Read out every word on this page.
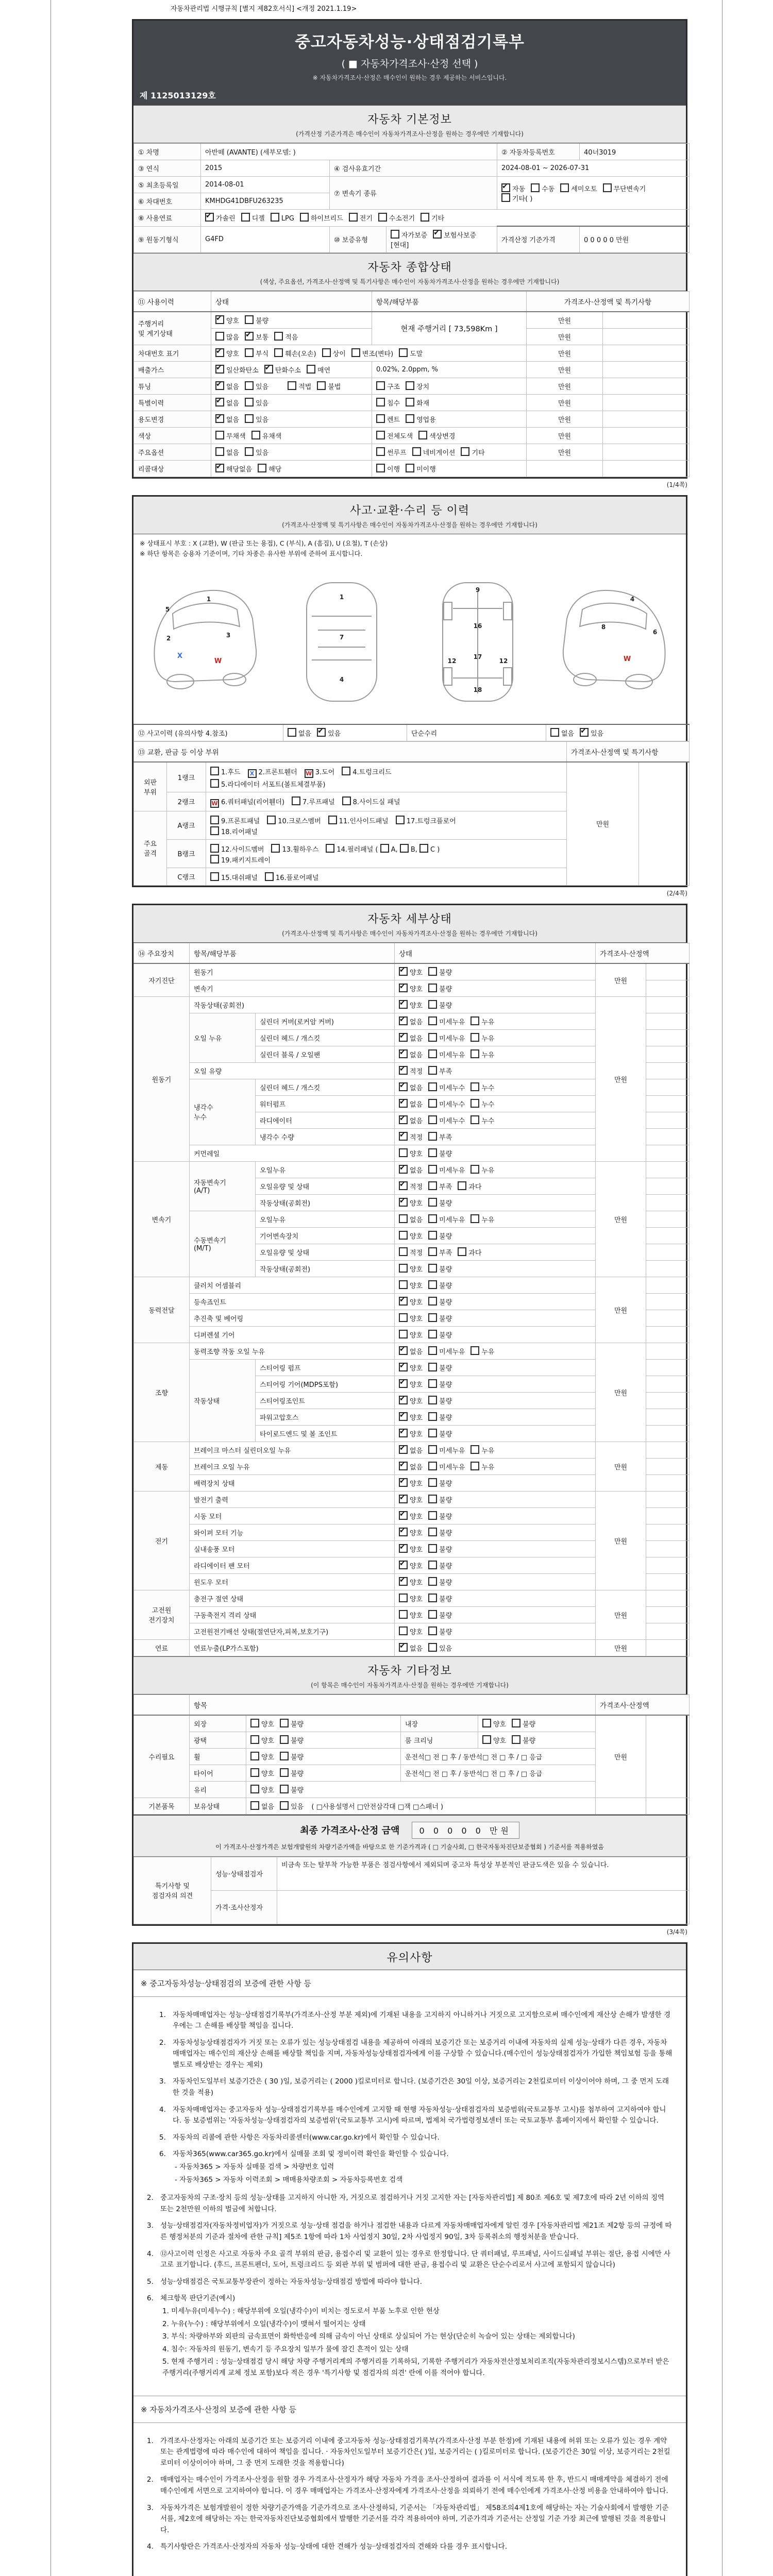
자동차관리법 시행규칙 [별지 제82호서식] <개정 2021.1.19>
중고자동차성능·상태점검기록부
( ■ 자동차가격조사·산정 선택 )
※ 자동차가격조사·산정은 매수인이 원하는 경우 제공하는 서비스입니다.
제 1125013129호
자동차 기본정보
(가격산정 기준가격은 매수인이 자동차가격조사·산정을 원하는 경우에만 기재합니다)
① 차명	아반떼 (AVANTE) (세부모델: )			② 자동차등록번호	40너3019
③ 연식	2015	④ 검사유효기간		2024-08-01 ~ 2026-07-31	
⑤ 최초등록일	2014-08-01	⑦ 변속기 종류	✔자동 수동 세미오토 무단변속기기타( )
⑥ 차대번호	KMHDG41DBFU263235				
⑧ 사용연료	✔가솔린 디젤 LPG 하이브리드 전기 수소전기 기타
⑨ 원동기형식	G4FD	⑩ 보증유형	자가보증 ✔ 보험사보증 [현대]	가격산정 기준가격	0 0 0 0 0 만원
자동차 종합상태
(색상, 주요옵션, 가격조사·산정액 및 특기사항은 매수인이 자동차가격조사·산정을 원하는 경우에만 기재합니다)
⑪ 사용이력	상태	항목/해당부품	가격조사·산정액 및 특기사항	
주행거리
및 계기상태	✔양호 불량	현재 주행거리 [ 73,598Km ]	만원	
	많음 ✔ 보통 적음		만원	
차대번호 표기	✔양호 부식 훼손(오손) 상이 변조(변타) 도말		만원	
배출가스	✔일산화탄소 ✔ 탄화수소 매연	0.02%, 2.0ppm, %	만원	
튜닝	✔없음 있음 적법 불법	구조 장치	만원	
특별이력	✔없음 있음	침수 화재	만원	
용도변경	✔없음 있음	렌트 영업용	만원	
색상	무채색 유채색	전체도색 색상변경	만원	
주요옵션	없음 있음	썬루프 네비게이션 기타	만원	
리콜대상	✔해당없음 해당	이행 미이행		
(1/4쪽)
사고·교환·수리 등 이력
(가격조사·산정액 및 특기사항은 매수인이 자동차가격조사·산정을 원하는 경우에만 기재합니다)
※ 상태표시 부호 : X (교환), W (판금 또는 용접), C (부식), A (흠집), U (요철), T (손상)
※ 하단 항목은 승용차 기준이며, 기타 차종은 유사한 부위에 준하여 표시합니다.
5
1
2
X
3
W
1
7
4
9
16
12
17
12
18
8
4
6
W
⑫ 사고이력 (유의사항 4.참조)	없음 ✔ 있음	단순수리	없음 ✔ 있음
⑬ 교환, 판금 등 이상 부위			가격조사·산정액 및 특기사항	
외판
부위	1랭크	1.후드 X 2.프론트휀더 W 3.도어 4.트렁크리드
5.라디에이터 서포트(볼트체결부품)	만원	
	2랭크	W 6.쿼터패널(리어휀더) 7.루프패널 8.사이드실 패널		
주요
골격	A랭크	9.프론트패널 10.크로스멤버 11.인사이드패널 17.트렁크플로어
18.리어패널		
	B랭크	12.사이드멤버 13.휠하우스 14.필러패널 ( A, B, C )
19.패키지트레이		
	C랭크	15.대쉬패널 16.플로어패널		
(2/4쪽)
자동차 세부상태
(가격조사·산정액 및 특기사항은 매수인이 자동차가격조사·산정을 원하는 경우에만 기재합니다)
⑭ 주요장치	항목/해당부품		상태	가격조사·산정액	
자기진단	원동기	✔양호 불량	만원	
	변속기	✔양호 불량	
원동기	작동상태(공회전)	✔양호 불량	만원	
	오일 누유	실린더 커버(로커암 커버)	✔없음 미세누유 누유	
		실린더 헤드 / 개스킷	✔없음 미세누유 누유	
		실린더 블록 / 오일팬	✔없음 미세누유 누유	
	오일 유량	✔적정 부족	
	냉각수
누수	실린더 헤드 / 개스킷	✔없음 미세누수 누수	
		워터펌프	✔없음 미세누수 누수	
		라디에이터	✔없음 미세누수 누수	
		냉각수 수량	✔적정 부족	
	커먼레일		양호 불량		
변속기	자동변속기
(A/T)	오일누유	✔없음 미세누유 누유	만원	
		오일유량 및 상태	✔적정 부족 과다	
		작동상태(공회전)	✔양호 불량	
	수동변속기
(M/T)	오일누유	없음 미세누유 누유		
		기어변속장치	양호 불량		
		오일유량 및 상태	적정 부족 과다		
		작동상태(공회전)	양호 불량		
동력전달	클러치 어셈블리		양호 불량	만원	
	등속죠인트	✔양호 불량	
	추진축 및 베어링		양호 불량		
	디퍼렌셜 기어		양호 불량		
조향	동력조향 작동 오일 누유	✔없음 미세누유 누유	만원	
	작동상태	스티어링 펌프	✔양호 불량	
		스티어링 기어(MDPS포함)	✔양호 불량	
		스티어링조인트	✔양호 불량	
		파워고압호스	✔양호 불량	
		타이로드엔드 및 볼 조인트	✔양호 불량	
제동	브레이크 마스터 실린더오일 누유	✔없음 미세누유 누유	만원	
	브레이크 오일 누유	✔없음 미세누유 누유	
	배력장치 상태	✔양호 불량	
전기	발전기 출력	✔양호 불량	만원	
	시동 모터	✔양호 불량	
	와이퍼 모터 기능	✔양호 불량	
	실내송풍 모터	✔양호 불량	
	라디에이터 팬 모터	✔양호 불량	
	윈도우 모터	✔양호 불량	
고전원
전기장치	충전구 절연 상태		양호 불량	만원	
	구동축전지 격리 상태		양호 불량		
	고전원전기배선 상태(절연단자,피복,보호기구)		양호 불량		
연료	연료누출(LP가스포함)	✔없음 있음	만원	
자동차 기타정보
(이 항목은 매수인이 자동차가격조사·산정을 원하는 경우에만 기재합니다)
	항목				가격조사·산정액	
수리필요	외장	양호 불량	내장	양호 불량	만원	
	광택	양호 불량	룸 크리닝	양호 불량		
	휠	양호 불량	운전석□ 전 □ 후 / 동반석□ 전 □ 후 / □ 응급			
	타이어	양호 불량	운전석□ 전 □ 후 / 동반석□ 전 □ 후 / □ 응급			
	유리	양호 불량				
기본품목	보유상태	없음 있음 ( □사용설명서 □안전삼각대 □잭 □스패너 )				
최종 가격조사·산정 금액 0 0 0 0 0 만원
이 가격조사·산정가격은 보험개발원의 차량기준가액을 바탕으로 한 기준가격과 ( □ 기술사회, □ 한국자동차진단보증협회 ) 기준서를 적용하였음
특기사항 및
점검자의 의견	성능·상태점검자	비금속 또는 탈부착 가능한 부품은 점검사항에서 제외되며 중고차 특성상 부분적인 판금도색은 있을 수 있습니다.
	가격·조사산정자	
(3/4쪽)
유의사항
※ 중고자동차성능·상태점검의 보증에 관한 사항 등
1. 자동차매매업자는 성능·상태점검기록부(가격조사·산정 부분 제외)에 기재된 내용을 고지하지 아니하거나 거짓으로 고지함으로써 매수인에게 재산상 손해가 발생한 경우에는 그 손해를 배상할 책임을 집니다.
2. 자동차성능상태점검자가 거짓 또는 오류가 있는 성능상태점검 내용을 제공하여 아래의 보증기간 또는 보증거리 이내에 자동차의 실제 성능·상태가 다른 경우, 자동차매매업자는 매수인의 재산상 손해를 배상할 책임을 지며, 자동차성능상태점검자에게 이를 구상할 수 있습니다.(매수인이 성능상태점검자가 가입한 책임보험 등을 통해 별도로 배상받는 경우는 제외)
3. 자동차인도일부터 보증기간은 ( 30 )일, 보증거리는 ( 2000 )킬로미터로 합니다. (보증기간은 30일 이상, 보증거리는 2천킬로미터 이상이어야 하며, 그 중 먼저 도래한 것을 적용)
4. 자동차매매업자는 중고자동차 성능·상태점검기록부를 매수인에게 고지할 때 현행 자동차성능·상태점검자의 보증범위(국토교통부 고시)를 첨부하여 고지하여야 합니다. 동 보증범위는 '자동차성능·상태점검자의 보증범위'(국토교통부 고시)에 따르며, 법제처 국가법령정보센터 또는 국토교통부 홈페이지에서 확인할 수 있습니다.
5. 자동차의 리콜에 관한 사항은 자동차리콜센터(www.car.go.kr)에서 확인할 수 있습니다.
6. 자동차365(www.car365.go.kr)에서 실매물 조회 및 정비이력 확인을 확인할 수 있습니다.
- 자동차365 > 자동차 실매물 검색 > 차량번호 입력
- 자동차365 > 자동차 이력조회 > 매매용차량조회 > 자동차등록번호 검색
2. 중고자동차의 구조·장치 등의 성능·상태를 고지하지 아니한 자, 거짓으로 점검하거나 거짓 고지한 자는 [자동차관리법] 제 80조 제6호 및 제7호에 따라 2년 이하의 징역 또는 2천만원 이하의 벌금에 처합니다.
3. 성능·상태점검자(자동차정비업자)가 거짓으로 성능·상태 점검을 하거나 점검한 내용과 다르게 자동차매매업자에게 알린 경우 [자동차관리법 제21조 제2항 등의 규정에 따른 행정처분의 기준과 절차에 관한 규칙] 제5조 1항에 따라 1차 사업정지 30일, 2차 사업정지 90일, 3차 등록취소의 행정처분을 받습니다.
4. ⑫사고이력 인정은 사고로 자동차 주요 골격 부위의 판금, 용접수리 및 교환이 있는 경우로 한정합니다. 단 쿼터패널, 루프패널, 사이드실패널 부위는 절단, 용접 시에만 사고로 표기합니다. (후드, 프론트펜더, 도어, 트렁크리드 등 외판 부위 및 범퍼에 대한 판금, 용접수리 및 교환은 단순수리로서 사고에 포함되지 않습니다)
5. 성능·상태점검은 국토교통부장관이 정하는 자동차성능·상태점검 방법에 따라야 합니다.
6. 체크항목 판단기준(예시)
1. 미세누유(미세누수) : 해당부위에 오일(냉각수)이 비치는 정도로서 부품 노후로 인한 현상
2. 누유(누수) : 해당부위에서 오일(냉각수)이 맺혀서 떨어지는 상태
3. 부식: 차량하부와 외판의 금속표면이 화학반응에 의해 금속이 아닌 상태로 상실되어 가는 현상(단순히 녹슬어 있는 상태는 제외합니다)
4. 침수: 자동차의 원동기, 변속기 등 주요장치 일부가 물에 잠긴 흔적이 있는 상태
5. 현재 주행거리 : 성능·상태점검 당시 해당 차량 주행거리계의 주행거리를 기록하되, 기록한 주행거리가 자동차전산정보처리조직(자동차관리정보시스템)으로부터 받은 주행거리(주행거리계 교체 정보 포함)보다 적은 경우 '특기사항 및 점검자의 의견' 란에 이를 적어야 합니다.
※ 자동차가격조사·산정의 보증에 관한 사항 등
1. 가격조사·산정자는 아래의 보증기간 또는 보증거리 이내에 중고자동차 성능·상태점검기록부(가격조사·산정 부분 한정)에 기재된 내용에 허위 또는 오류가 있는 경우 계약 또는 관계법령에 따라 매수인에 대하여 책임을 집니다. · 자동차인도일부터 보증기간은( )일, 보증거리는 ( )킬로미터로 합니다. (보증기간은 30일 이상, 보증거리는 2천킬로미터 이상이어야 하며, 그 중 먼저 도래한 것을 적용합니다)
2. 매매업자는 매수인이 가격조사·산정을 원할 경우 가격조사·산정자가 해당 자동차 가격을 조사·산정하여 결과를 이 서식에 적도록 한 후, 반드시 매매계약을 체결하기 전에 매수인에게 서면으로 고지하여야 합니다. 이 경우 매매업자는 가격조사·산정자에게 가격조사·산정을 의뢰하기 전에 매수인에게 가격조사·산정 비용을 안내하여야 합니다.
3. 자동차가격은 보험개발원이 정한 차량기준가액을 기준가격으로 조사·산정하되, 기준서는 「자동차관리법」 제58조의4제1호에 해당하는 자는 기술사회에서 발행한 기준서를, 제2호에 해당하는 자는 한국자동차진단보증협회에서 발행한 기준서를 각각 적용하여야 하며, 기준가격과 기준서는 산정일 기준 가장 최근에 발행된 것을 적용합니다.
4. 특기사항란은 가격조사·산정자의 자동차 성능·상태에 대한 견해가 성능·상태점검자의 견해와 다를 경우 표시합니다.
